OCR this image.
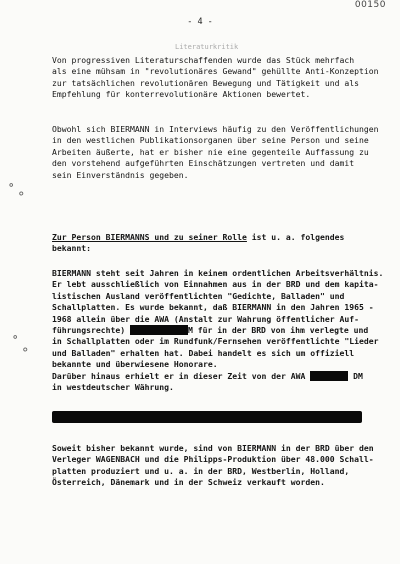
00150
- 4 -
Literaturkritik
Von progressiven Literaturschaffenden wurde das Stück mehrfach
als eine mühsam in "revolutionäres Gewand" gehüllte Anti-Konzeption
zur tatsächlichen revolutionären Bewegung und Tätigkeit und als
Empfehlung für konterrevolutionäre Aktionen bewertet.
Obwohl sich BIERMANN in Interviews häufig zu den Veröffentlichungen
in den westlichen Publikationsorganen über seine Person und seine
Arbeiten äußerte, hat er bisher nie eine gegenteile Auffassung zu
den vorstehend aufgeführten Einschätzungen vertreten und damit
sein Einverständnis gegeben.
Zur Person BIERMANNS und zu seiner Rolle ist u. a. folgendes
bekannt:
BIERMANN steht seit Jahren in keinem ordentlichen Arbeitsverhältnis.
Er lebt ausschließlich von Einnahmen aus in der BRD und dem kapita-
listischen Ausland veröffentlichten "Gedichte, Balladen" und
Schallplatten. Es wurde bekannt, daß BIERMANN in den Jahren 1965 -
1968 allein über die AWA (Anstalt zur Wahrung öffentlicher Auf-
führungsrechte)	M für in der BRD von ihm verlegte und
in Schallplatten oder im Rundfunk/Fernsehen veröffentlichte "Lieder
und Balladen" erhalten hat. Dabei handelt es sich um offiziell
bekannte und überwiesene Honorare.
Darüber hinaus erhielt er in dieser Zeit von der AWA	DM
in westdeutscher Währung.
Soweit bisher bekannt wurde, sind von BIERMANN in der BRD über den
Verleger WAGENBACH und die Philipps-Produktion über 48.000 Schall-
platten produziert und u. a. in der BRD, Westberlin, Holland,
Österreich, Dänemark und in der Schweiz verkauft worden.
∘
°
∘
°
